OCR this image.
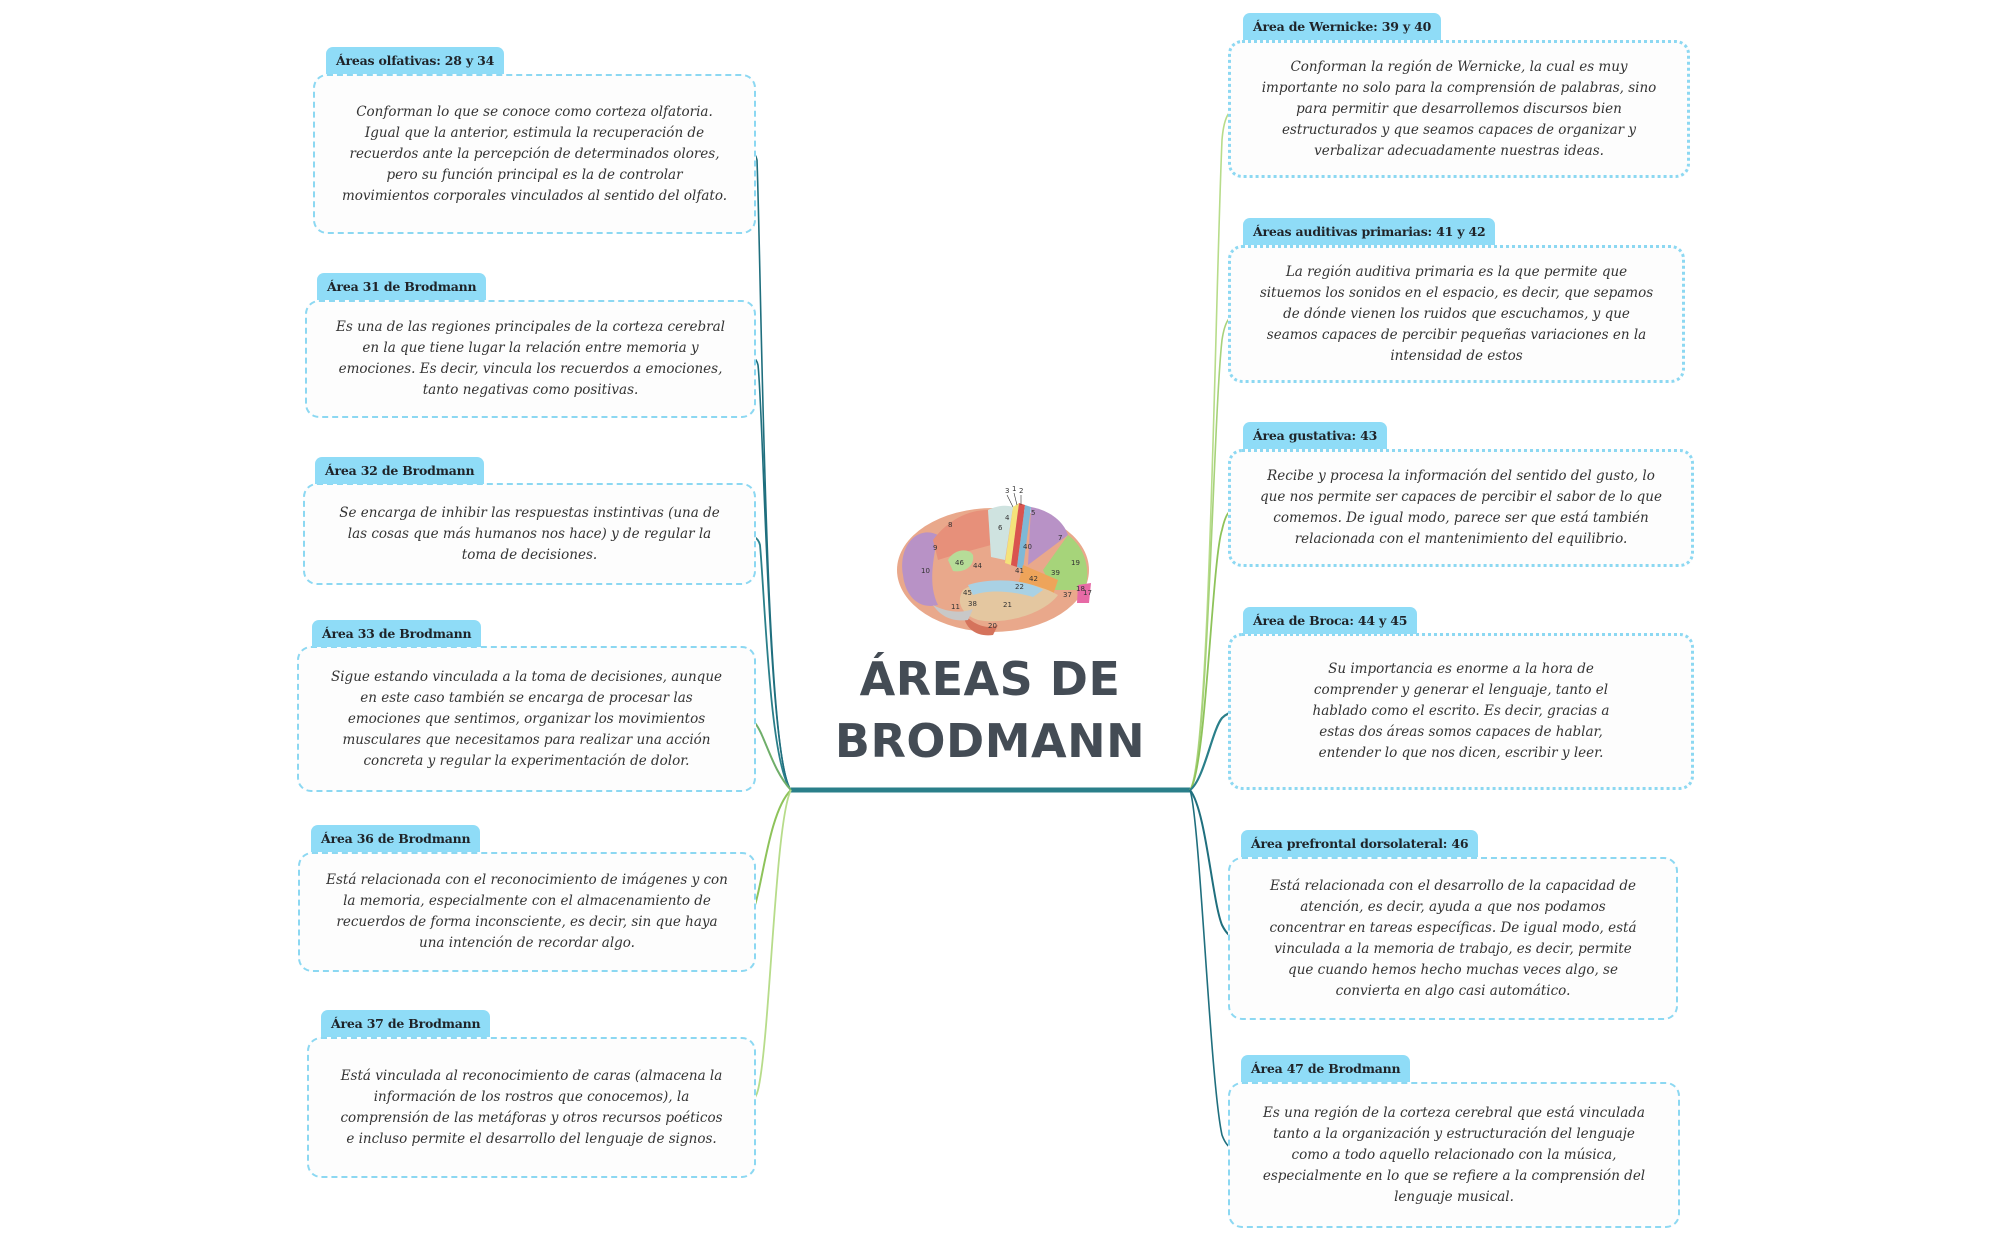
10
46 44
8
9
6
4
5
7
40
39
41
42
22
21
37
19
18
17
45
38
11
20
3 1 2
ÁREAS DE
BRODMANN
Áreas olfativas: 28 y 34

Conforman lo que se conoce como corteza olfatoria. Igual que la anterior, estimula la recuperación de recuerdos ante la percepción de determinados olores, pero su función principal es la de controlar movimientos corporales vinculados al sentido del olfato.

Área 31 de Brodmann

Es una de las regiones principales de la corteza cerebral en la que tiene lugar la relación entre memoria y emociones. Es decir, vincula los recuerdos a emociones, tanto negativas como positivas.

Área 32 de Brodmann

Se encarga de inhibir las respuestas instintivas (una de las cosas que más humanos nos hace) y de regular la toma de decisiones.

Área 33 de Brodmann

Sigue estando vinculada a la toma de decisiones, aunque en este caso también se encarga de procesar las emociones que sentimos, organizar los movimientos musculares que necesitamos para realizar una acción concreta y regular la experimentación de dolor.

Área 36 de Brodmann

Está relacionada con el reconocimiento de imágenes y con la memoria, especialmente con el almacenamiento de recuerdos de forma inconsciente, es decir, sin que haya una intención de recordar algo.

Área 37 de Brodmann

Está vinculada al reconocimiento de caras (almacena la información de los rostros que conocemos), la comprensión de las metáforas y otros recursos poéticos e incluso permite el desarrollo del lenguaje de signos.

Área de Wernicke: 39 y 40

Conforman la región de Wernicke, la cual es muy importante no solo para la comprensión de palabras, sino para permitir que desarrollemos discursos bien estructurados y que seamos capaces de organizar y verbalizar adecuadamente nuestras ideas.

Áreas auditivas primarias: 41 y 42

La región auditiva primaria es la que permite que situemos los sonidos en el espacio, es decir, que sepamos de dónde vienen los ruidos que escuchamos, y que seamos capaces de percibir pequeñas variaciones en la intensidad de estos

Área gustativa: 43

Recibe y procesa la información del sentido del gusto, lo que nos permite ser capaces de percibir el sabor de lo que comemos. De igual modo, parece ser que está también relacionada con el mantenimiento del equilibrio.

Área de Broca: 44 y 45

Su importancia es enorme a la hora de comprender y generar el lenguaje, tanto el hablado como el escrito. Es decir, gracias a estas dos áreas somos capaces de hablar, entender lo que nos dicen, escribir y leer.

Área prefrontal dorsolateral: 46

Está relacionada con el desarrollo de la capacidad de atención, es decir, ayuda a que nos podamos concentrar en tareas específicas. De igual modo, está vinculada a la memoria de trabajo, es decir, permite que cuando hemos hecho muchas veces algo, se convierta en algo casi automático.

Área 47 de Brodmann

Es una región de la corteza cerebral que está vinculada tanto a la organización y estructuración del lenguaje como a todo aquello relacionado con la música, especialmente en lo que se refiere a la comprensión del lenguaje musical.
